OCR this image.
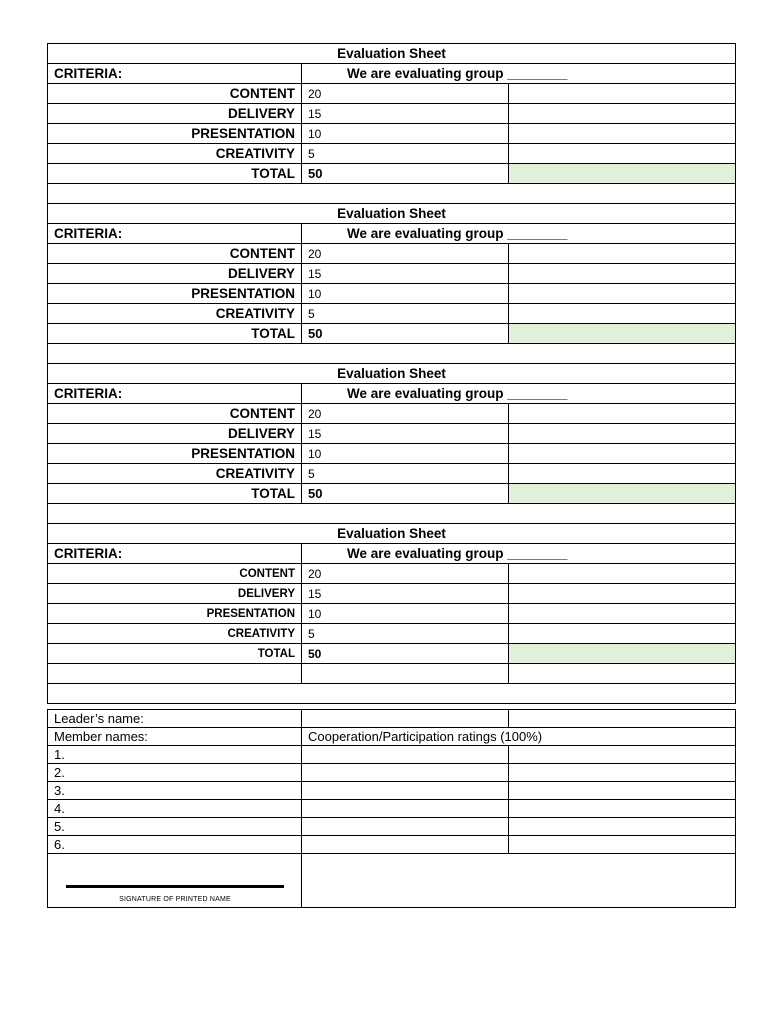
Evaluation Sheet		
CRITERIA:	We are evaluating group ________	
CONTENT	20	
DELIVERY	15	
PRESENTATION	10	
CREATIVITY	5	
TOTAL	50	

Evaluation Sheet		
CRITERIA:	We are evaluating group ________	
CONTENT	20	
DELIVERY	15	
PRESENTATION	10	
CREATIVITY	5	
TOTAL	50	

Evaluation Sheet		
CRITERIA:	We are evaluating group ________	
CONTENT	20	
DELIVERY	15	
PRESENTATION	10	
CREATIVITY	5	
TOTAL	50	

Evaluation Sheet		
CRITERIA:	We are evaluating group ________	
CONTENT	20	
DELIVERY	15	
PRESENTATION	10	
CREATIVITY	5	
TOTAL	50	

Leader’s name:		
Member names:	Cooperation/Participation ratings (100%)	
1.		
2.		
3.		
4.		
5.		
6.		

SIGNATURE OF PRINTED NAME		
